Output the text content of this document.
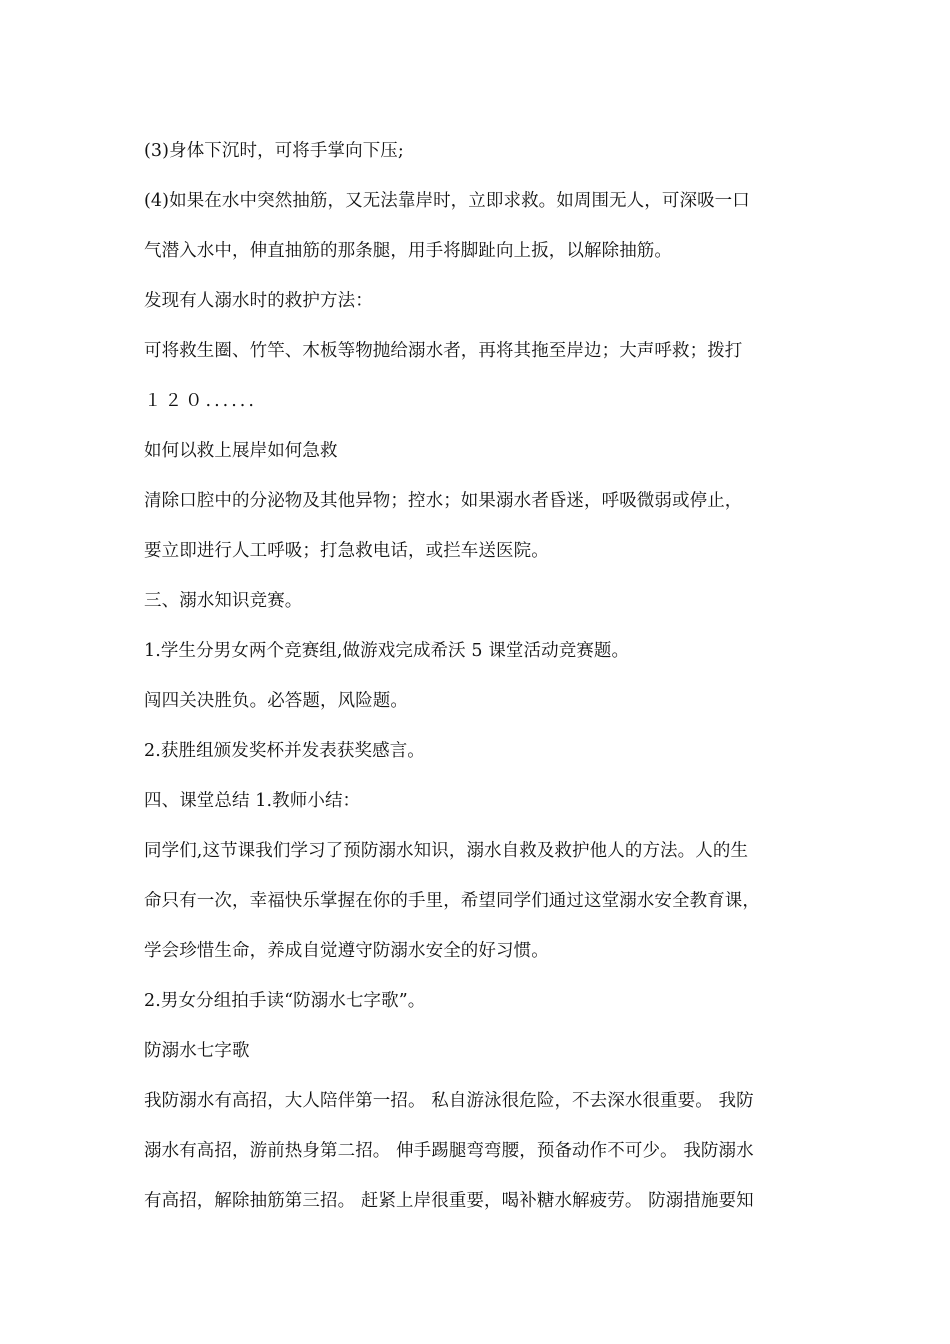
(3)身体下沉时，可将手掌向下压;
(4)如果在水中突然抽筋，又无法靠岸时，立即求救。如周围无人，可深吸一口
气潜入水中，伸直抽筋的那条腿，用手将脚趾向上扳，以解除抽筋。
发现有人溺水时的救护方法：
可将救生圈、竹竿、木板等物抛给溺水者，再将其拖至岸边；大声呼救；拨打
１２０......
如何以救上展岸如何急救
清除口腔中的分泌物及其他异物；控水；如果溺水者昏迷，呼吸微弱或停止，
要立即进行人工呼吸；打急救电话，或拦车送医院。
三、溺水知识竞赛。
1.学生分男女两个竞赛组,做游戏完成希沃 5 课堂活动竞赛题。
闯四关决胜负。必答题，风险题。
2.获胜组颁发奖杯并发表获奖感言。
四、课堂总结 1.教师小结：
同学们,这节课我们学习了预防溺水知识，溺水自救及救护他人的方法。人的生
命只有一次，幸福快乐掌握在你的手里，希望同学们通过这堂溺水安全教育课，
学会珍惜生命，养成自觉遵守防溺水安全的好习惯。
2.男女分组拍手读“防溺水七字歌”。
防溺水七字歌
我防溺水有高招，大人陪伴第一招。 私自游泳很危险，不去深水很重要。 我防
溺水有高招，游前热身第二招。 伸手踢腿弯弯腰，预备动作不可少。 我防溺水
有高招，解除抽筋第三招。 赶紧上岸很重要，喝补糖水解疲劳。 防溺措施要知
